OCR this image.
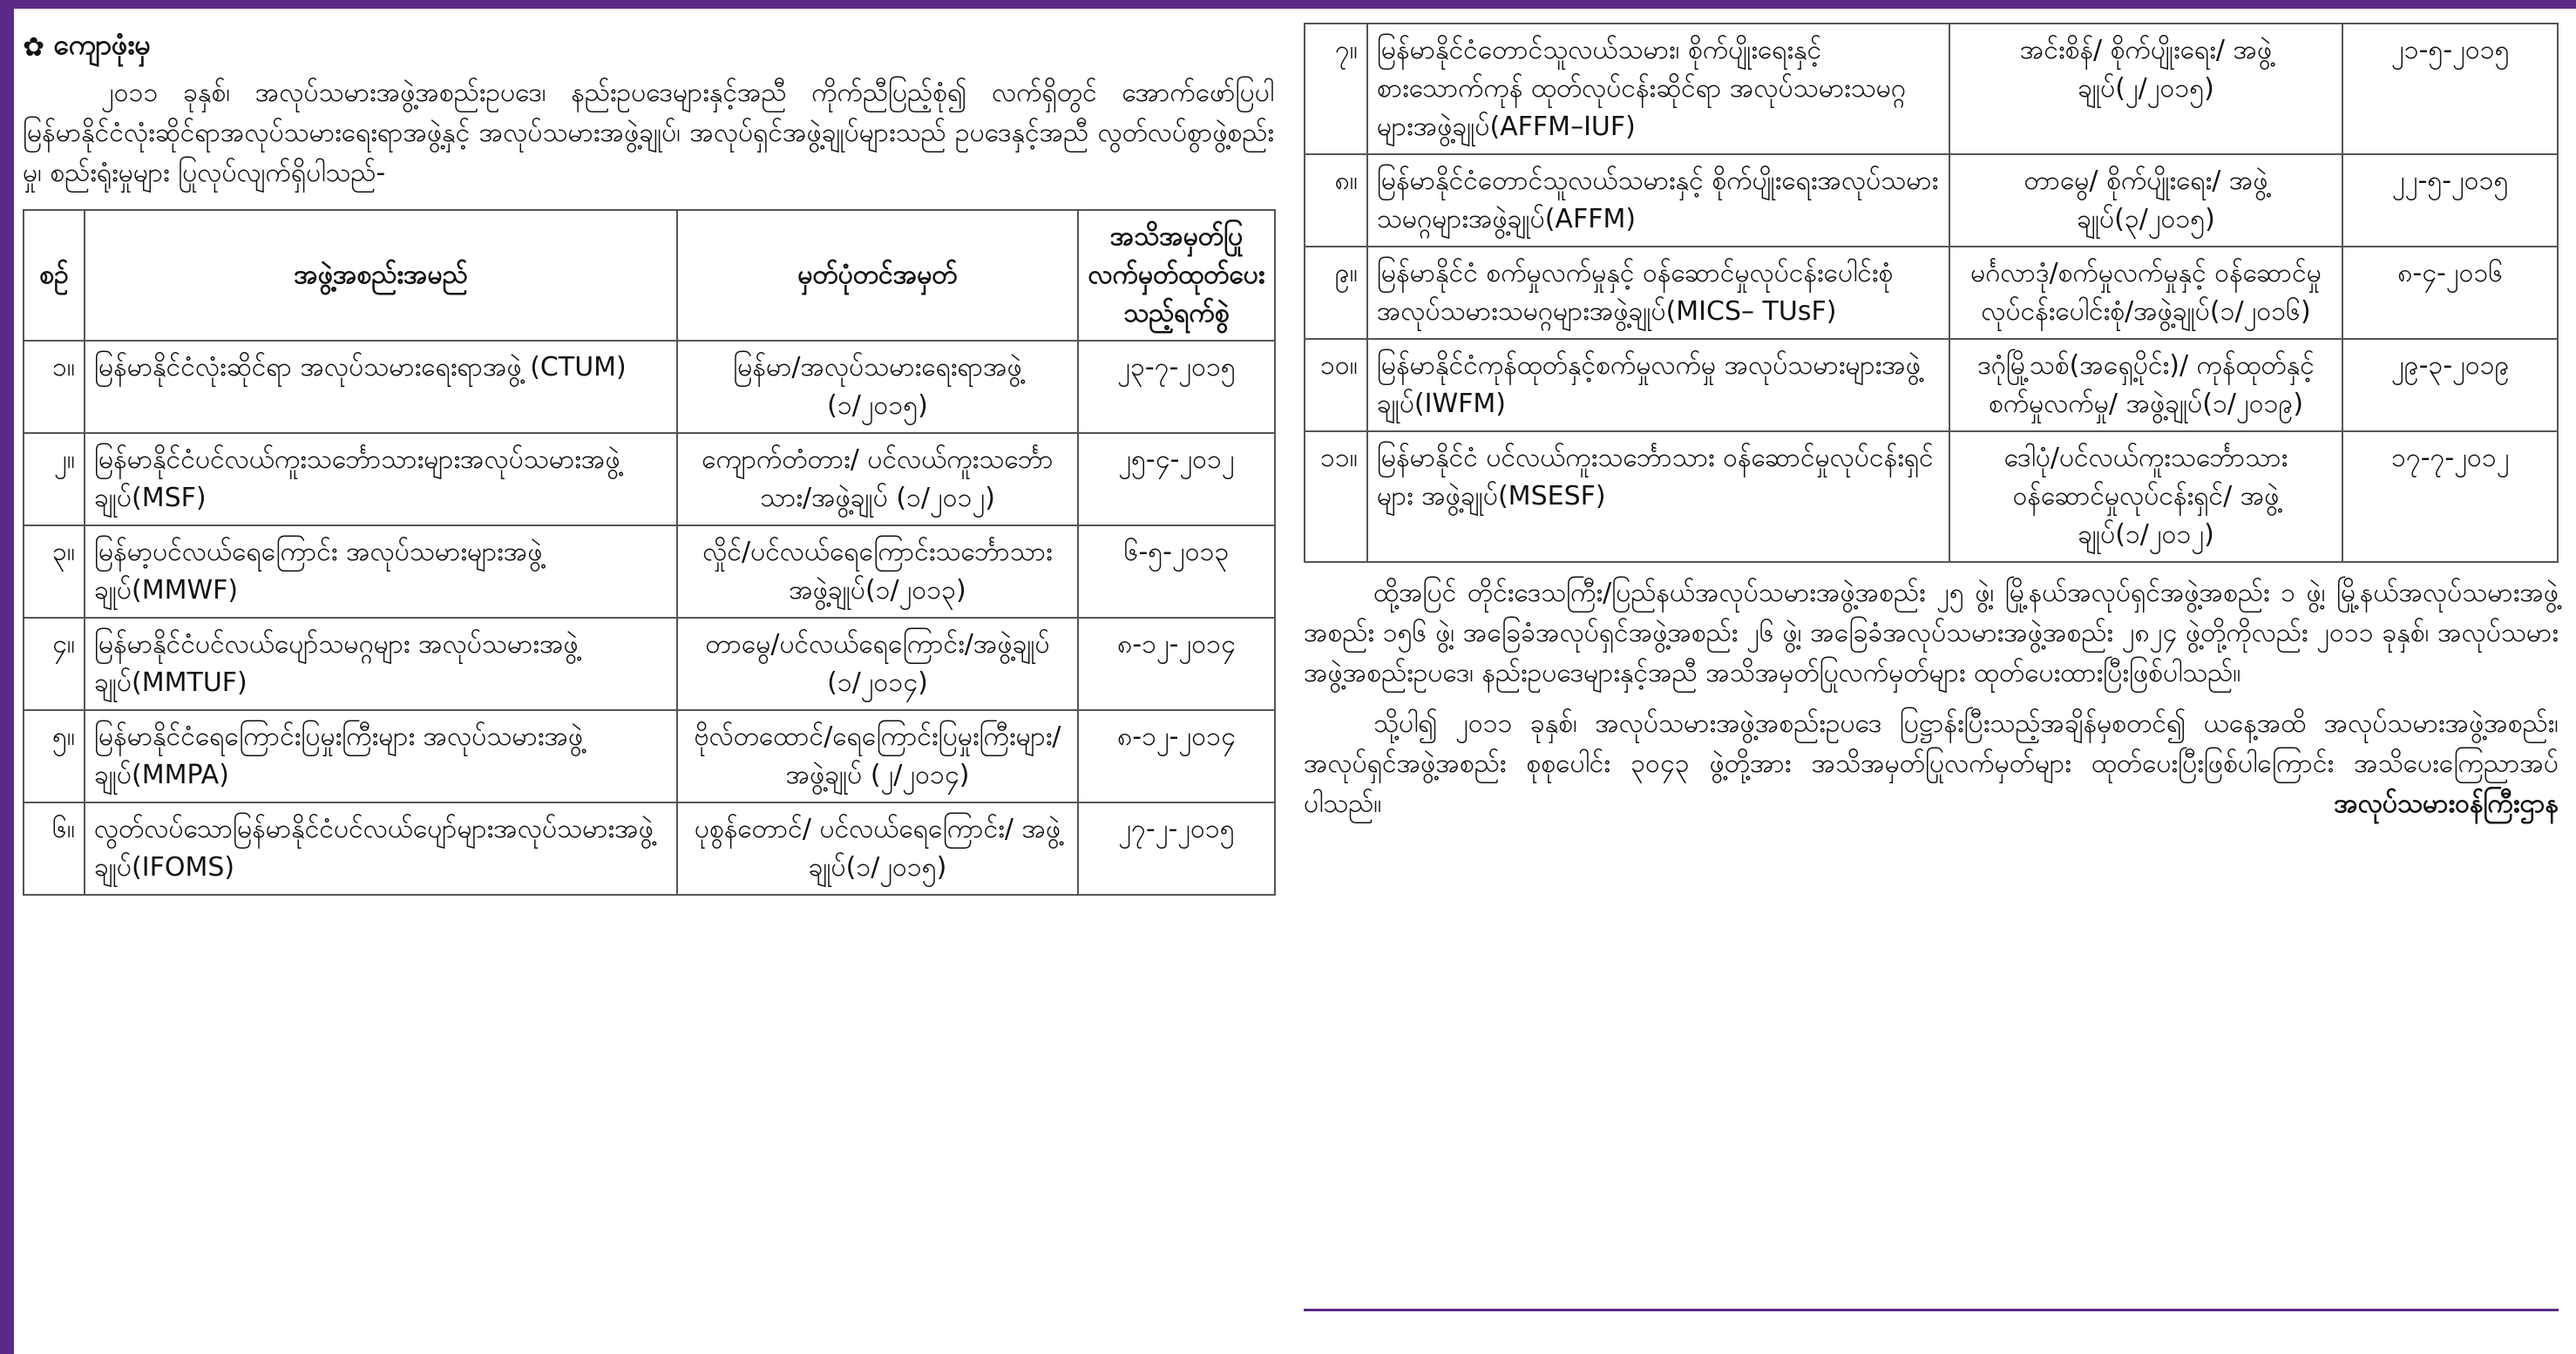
✿ ကျောဖုံးမှ
၂၀၁၁ ခုနှစ်၊ အလုပ်သမားအဖွဲ့အစည်းဥပဒေ၊ နည်းဥပဒေများနှင့်အညီ ကိုက်ညီပြည့်စုံ၍ လက်ရှိတွင် အောက်ဖော်ပြပါ မြန်မာနိုင်ငံလုံးဆိုင်ရာအလုပ်သမားရေးရာအဖွဲ့နှင့် အလုပ်သမားအဖွဲ့ချုပ်၊ အလုပ်ရှင်အဖွဲ့ချုပ်များသည် ဥပဒေနှင့်အညီ လွတ်လပ်စွာဖွဲ့စည်းမှု၊ စည်းရုံးမှုများ ပြုလုပ်လျက်ရှိပါသည်-
စဉ်	အဖွဲ့အစည်းအမည်	မှတ်ပုံတင်အမှတ်	အသိအမှတ်ပြုလက်မှတ်ထုတ်ပေးသည့်ရက်စွဲ
၁။	မြန်မာနိုင်ငံလုံးဆိုင်ရာ အလုပ်သမားရေးရာအဖွဲ့ (CTUM)	မြန်မာ/အလုပ်သမားရေးရာအဖွဲ့ (၁/၂၀၁၅)	၂၃-၇-၂၀၁၅
၂။	မြန်မာနိုင်ငံပင်လယ်ကူးသင်္ဘောသားများအလုပ်သမားအဖွဲ့ချုပ်(MSF)	ကျောက်တံတား/ ပင်လယ်ကူးသင်္ဘောသား/အဖွဲ့ချုပ် (၁/၂၀၁၂)	၂၅-၄-၂၀၁၂
၃။	မြန်မာ့ပင်လယ်ရေကြောင်း အလုပ်သမားများအဖွဲ့ချုပ်(MMWF)	လှိုင်/ပင်လယ်ရေကြောင်းသင်္ဘောသားအဖွဲ့ချုပ်(၁/၂၀၁၃)	၆-၅-၂၀၁၃
၄။	မြန်မာနိုင်ငံပင်လယ်ပျော်သမဂ္ဂများ အလုပ်သမားအဖွဲ့ချုပ်(MMTUF)	တာမွေ/ပင်လယ်ရေကြောင်း/အဖွဲ့ချုပ် (၁/၂၀၁၄)	၈-၁၂-၂၀၁၄
၅။	မြန်မာနိုင်ငံရေကြောင်းပြမှုးကြီးများ အလုပ်သမားအဖွဲ့ချုပ်(MMPA)	ဗိုလ်တထောင်/ရေကြောင်းပြမှုးကြီးများ/အဖွဲ့ချုပ် (၂/၂၀၁၄)	၈-၁၂-၂၀၁၄
၆။	လွတ်လပ်သောမြန်မာနိုင်ငံပင်လယ်ပျော်များအလုပ်သမားအဖွဲ့ချုပ်(IFOMS)	ပုစွန်တောင်/ ပင်လယ်ရေကြောင်း/ အဖွဲ့ချုပ်(၁/၂၀၁၅)	၂၇-၂-၂၀၁၅
၇။	မြန်မာနိုင်ငံတောင်သူလယ်သမား၊ စိုက်ပျိုးရေးနှင့် စားသောက်ကုန် ထုတ်လုပ်ငန်းဆိုင်ရာ အလုပ်သမားသမဂ္ဂများအဖွဲ့ချုပ်(AFFM–IUF)	အင်းစိန်/ စိုက်ပျိုးရေး/ အဖွဲ့ချုပ်(၂/၂၀၁၅)	၂၁-၅-၂၀၁၅
၈။	မြန်မာနိုင်ငံတောင်သူလယ်သမားနှင့် စိုက်ပျိုးရေးအလုပ်သမားသမဂ္ဂများအဖွဲ့ချုပ်(AFFM)	တာမွေ/ စိုက်ပျိုးရေး/ အဖွဲ့ချုပ်(၃/၂၀၁၅)	၂၂-၅-၂၀၁၅
၉။	မြန်မာနိုင်ငံ စက်မှုလက်မှုနှင့် ဝန်ဆောင်မှုလုပ်ငန်းပေါင်းစုံ အလုပ်သမားသမဂ္ဂများအဖွဲ့ချုပ်(MICS– TUsF)	မင်္ဂလာဒုံ/စက်မှုလက်မှုနှင့် ဝန်ဆောင်မှုလုပ်ငန်းပေါင်းစုံ/အဖွဲ့ချုပ်(၁/၂၀၁၆)	၈-၄-၂၀၁၆
၁၀။	မြန်မာနိုင်ငံကုန်ထုတ်နှင့်စက်မှုလက်မှု အလုပ်သမားများအဖွဲ့ချုပ်(IWFM)	ဒဂုံမြို့သစ်(အရှေ့ပိုင်း)/ ကုန်ထုတ်နှင့်စက်မှုလက်မှု/ အဖွဲ့ချုပ်(၁/၂၀၁၉)	၂၉-၃-၂၀၁၉
၁၁။	မြန်မာနိုင်ငံ ပင်လယ်ကူးသင်္ဘောသား ဝန်ဆောင်မှုလုပ်ငန်းရှင်များ အဖွဲ့ချုပ်(MSESF)	ဒေါပုံ/ပင်လယ်ကူးသင်္ဘောသား ဝန်ဆောင်မှုလုပ်ငန်းရှင်/ အဖွဲ့ချုပ်(၁/၂၀၁၂)	၁၇-၇-၂၀၁၂
ထို့အပြင် တိုင်းဒေသကြီး/ပြည်နယ်အလုပ်သမားအဖွဲ့အစည်း ၂၅ ဖွဲ့၊ မြို့နယ်အလုပ်ရှင်အဖွဲ့အစည်း ၁ ဖွဲ့၊ မြို့နယ်အလုပ်သမားအဖွဲ့အစည်း ၁၅၆ ဖွဲ့၊ အခြေခံအလုပ်ရှင်အဖွဲ့အစည်း ၂၆ ဖွဲ့၊ အခြေခံအလုပ်သမားအဖွဲ့အစည်း ၂၈၂၄ ဖွဲ့တို့ကိုလည်း ၂၀၁၁ ခုနှစ်၊ အလုပ်သမားအဖွဲ့အစည်းဥပဒေ၊ နည်းဥပဒေများနှင့်အညီ အသိအမှတ်ပြုလက်မှတ်များ ထုတ်ပေးထားပြီးဖြစ်ပါသည်။
သို့ပါ၍ ၂၀၁၁ ခုနှစ်၊ အလုပ်သမားအဖွဲ့အစည်းဥပဒေ ပြဋ္ဌာန်းပြီးသည့်အချိန်မှစတင်၍ ယနေ့အထိ အလုပ်သမားအဖွဲ့အစည်း၊ အလုပ်ရှင်အဖွဲ့အစည်း စုစုပေါင်း ၃၀၄၃ ဖွဲ့တို့အား အသိအမှတ်ပြုလက်မှတ်များ ထုတ်ပေးပြီးဖြစ်ပါကြောင်း အသိပေးကြေညာအပ်ပါသည်။	အလုပ်သမားဝန်ကြီးဌာန
